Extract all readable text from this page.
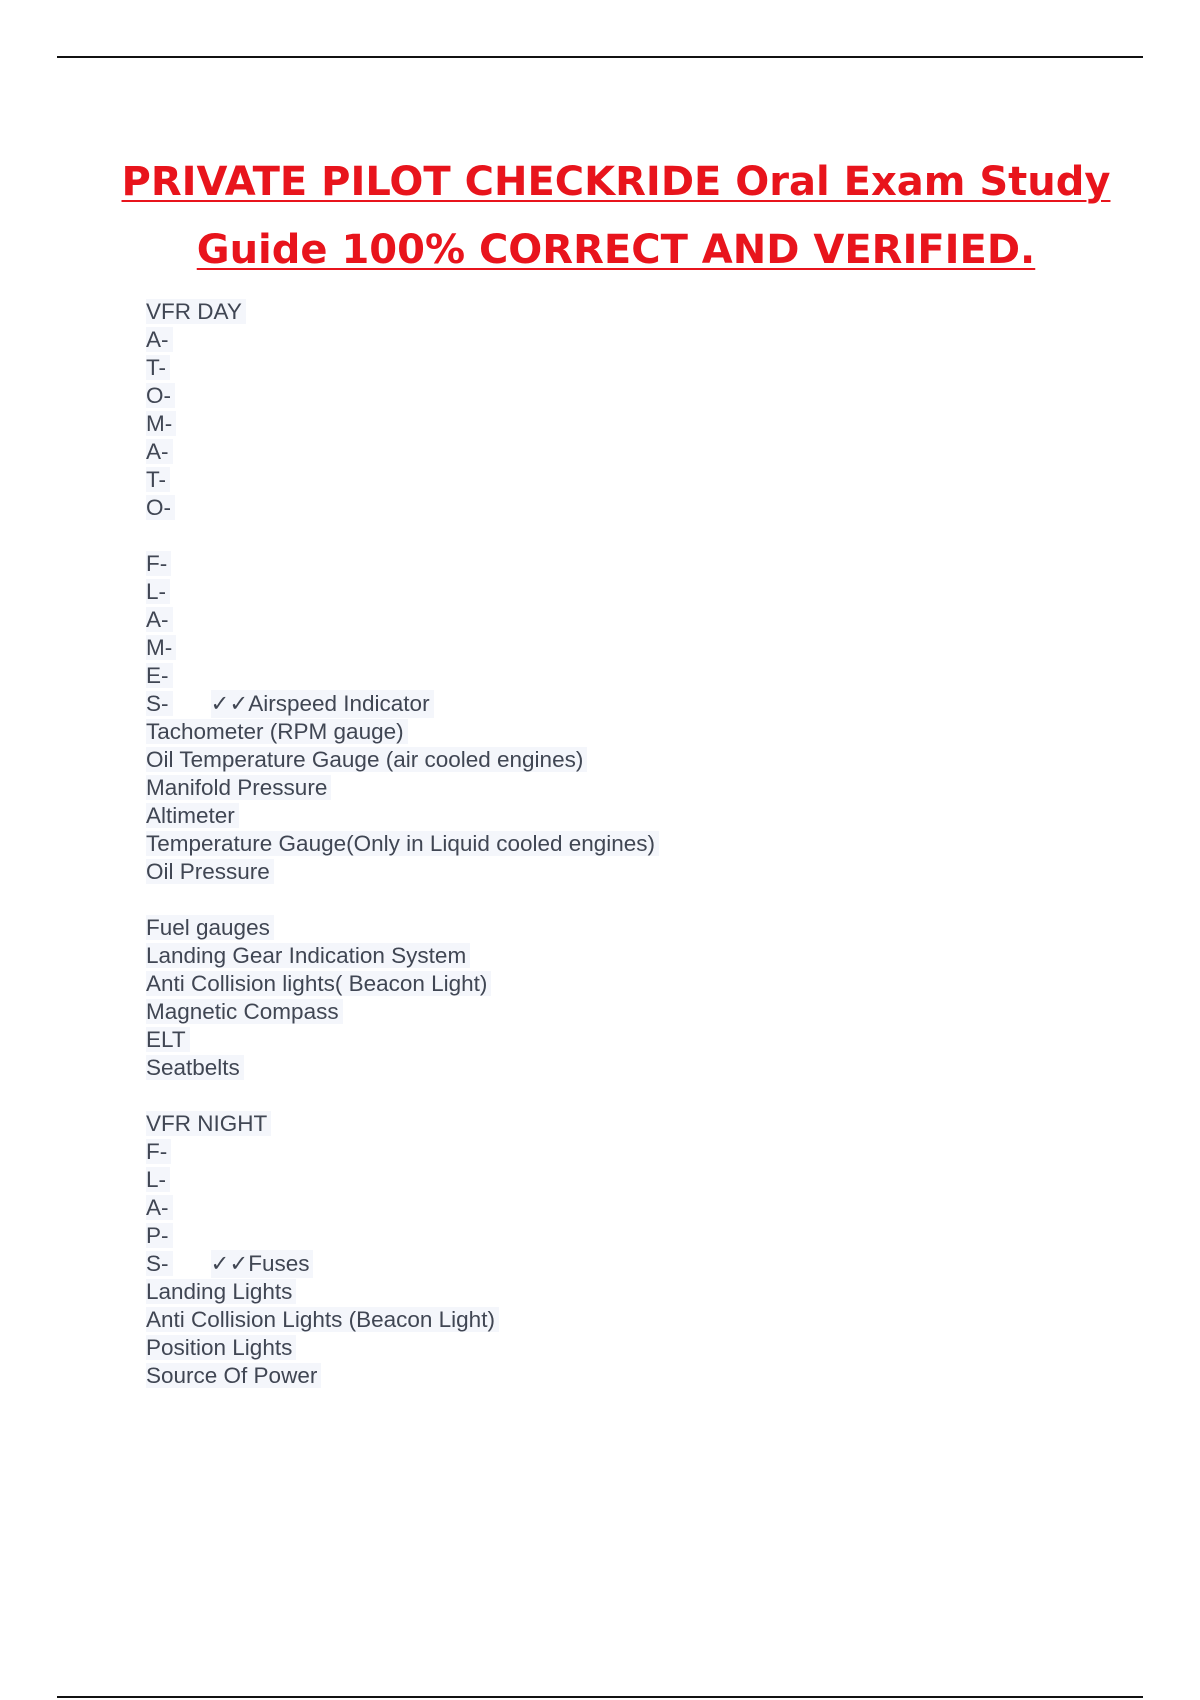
PRIVATE PILOT CHECKRIDE Oral Exam Study
Guide 100% CORRECT AND VERIFIED.
VFR DAY
A-
T-
O-
M-
A-
T-
O-
F-
L-
A-
M-
E-
S- ✓✓Airspeed Indicator
Tachometer (RPM gauge)
Oil Temperature Gauge (air cooled engines)
Manifold Pressure
Altimeter
Temperature Gauge(Only in Liquid cooled engines)
Oil Pressure
Fuel gauges
Landing Gear Indication System
Anti Collision lights( Beacon Light)
Magnetic Compass
ELT
Seatbelts
VFR NIGHT
F-
L-
A-
P-
S- ✓✓Fuses
Landing Lights
Anti Collision Lights (Beacon Light)
Position Lights
Source Of Power
